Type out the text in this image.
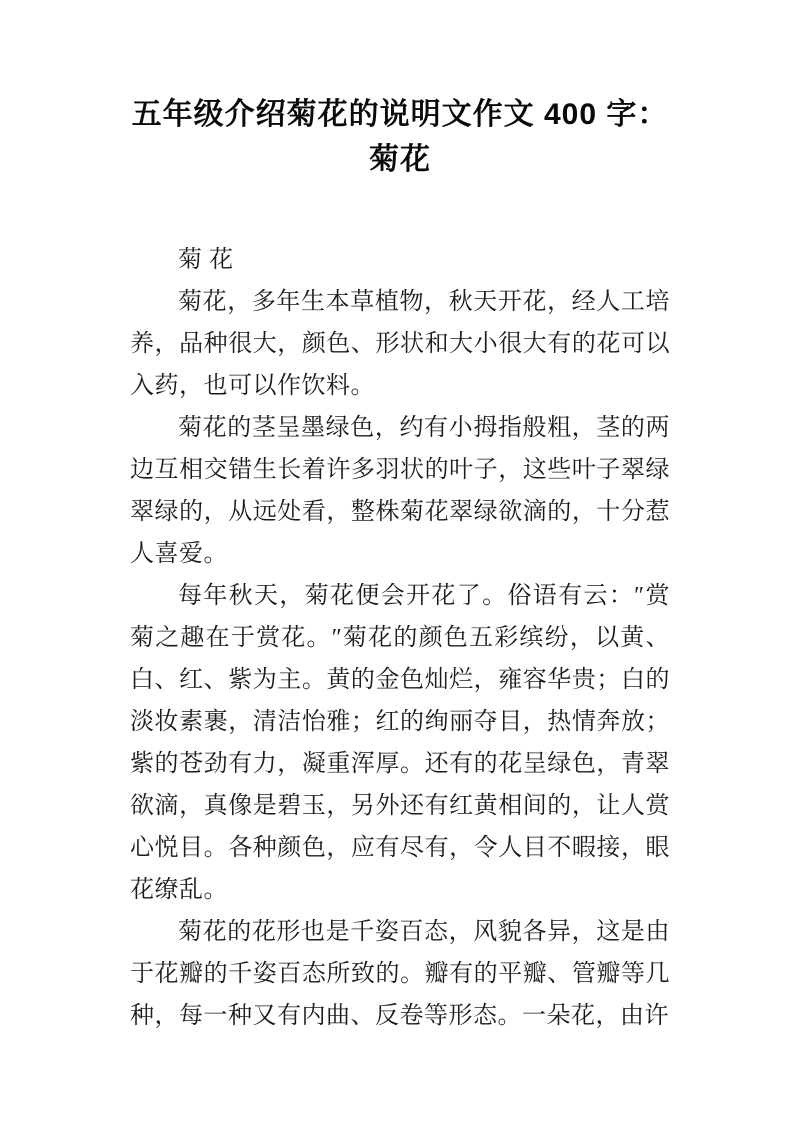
五年级介绍菊花的说明文作文 400 字：
菊花

菊 花

菊花，多年生本草植物，秋天开花，经人工培养，品种很大，颜色、形状和大小很大有的花可以入药，也可以作饮料。

菊花的茎呈墨绿色，约有小拇指般粗，茎的两边互相交错生长着许多羽状的叶子，这些叶子翠绿翠绿的，从远处看，整株菊花翠绿欲滴的，十分惹人喜爱。

每年秋天，菊花便会开花了。俗语有云：″赏菊之趣在于赏花。″菊花的颜色五彩缤纷，以黄、白、红、紫为主。黄的金色灿烂，雍容华贵；白的淡妆素裹，清洁怡雅；红的绚丽夺目，热情奔放；紫的苍劲有力，凝重浑厚。还有的花呈绿色，青翠欲滴，真像是碧玉，另外还有红黄相间的，让人赏心悦目。各种颜色，应有尽有，令人目不暇接，眼花缭乱。

菊花的花形也是千姿百态，风貌各异，这是由于花瓣的千姿百态所致的。瓣有的平瓣、管瓣等几种，每一种又有内曲、反卷等形态。一朵花，由许
